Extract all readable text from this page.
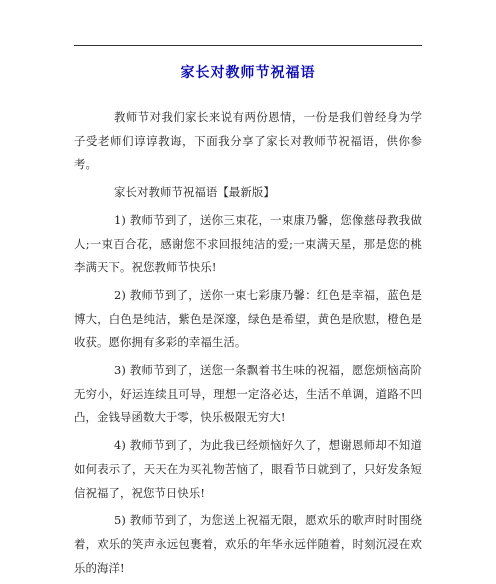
家长对教师节祝福语

教师节对我们家长来说有两份恩情，一份是我们曾经身为学子受老师们谆谆教诲，下面我分享了家长对教师节祝福语，供你参考。

家长对教师节祝福语【最新版】

1) 教师节到了，送你三束花，一束康乃馨，您像慈母教我做人;一束百合花，感谢您不求回报纯洁的爱;一束满天星，那是您的桃李满天下。祝您教师节快乐!

2) 教师节到了，送你一束七彩康乃馨：红色是幸福，蓝色是博大，白色是纯洁，紫色是深邃，绿色是希望，黄色是欣慰，橙色是收获。愿你拥有多彩的幸福生活。

3) 教师节到了，送您一条飘着书生味的祝福，愿您烦恼高阶无穷小，好运连续且可导，理想一定洛必达，生活不单调，道路不凹凸，金钱导函数大于零，快乐极限无穷大!

4) 教师节到了，为此我已经烦恼好久了，想谢恩师却不知道如何表示了，天天在为买礼物苦恼了，眼看节日就到了，只好发条短信祝福了，祝您节日快乐!

5) 教师节到了，为您送上祝福无限，愿欢乐的歌声时时围绕着，欢乐的笑声永远包裹着，欢乐的年华永远伴随着，时刻沉浸在欢乐的海洋!
